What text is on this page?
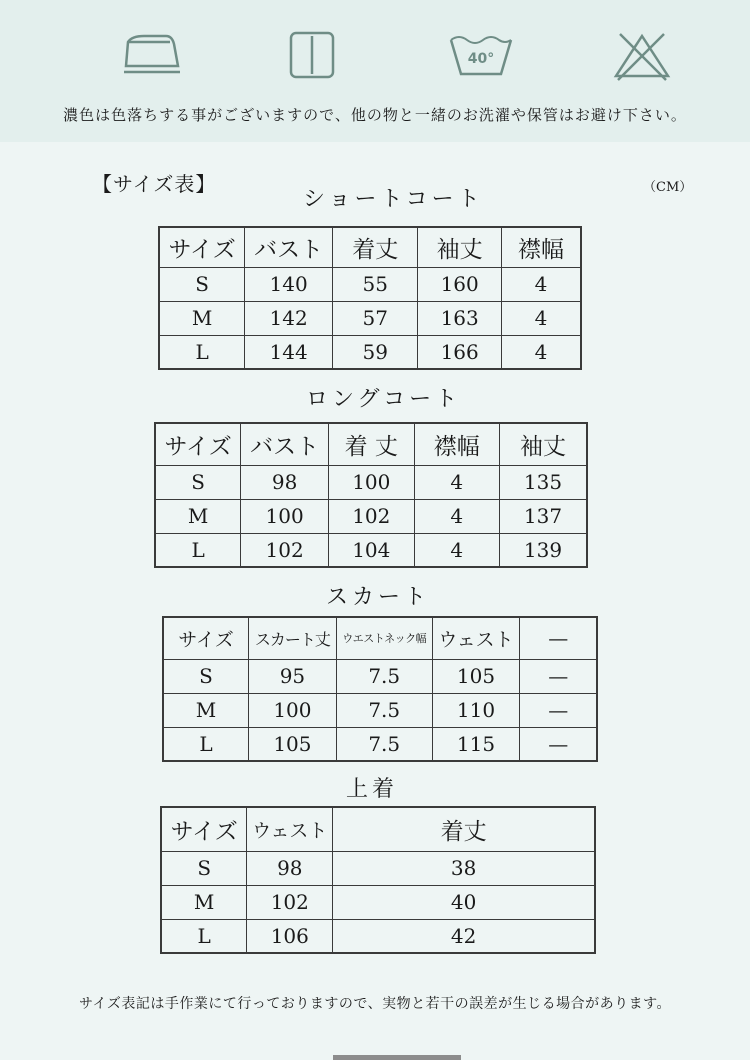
40°
濃色は色落ちする事がございますので、他の物と一緒のお洗濯や保管はお避け下さい。
【サイズ表】	（CM）
ショートコート
サイズ	バスト	着丈	袖丈	襟幅
S	140	55	160	4
M	142	57	163	4
L	144	59	166	4
ロングコート
サイズ	バスト	着 丈	襟幅	袖丈
S	98	100	4	135
M	100	102	4	137
L	102	104	4	139
スカート
サイズ	スカート丈	ウエストネック幅	ウェスト	—
S	95	7.5	105	—
M	100	7.5	110	—
L	105	7.5	115	—
上着
サイズ	ウェスト	着丈
S	98	38
M	102	40
L	106	42
サイズ表記は手作業にて行っておりますので、実物と若干の誤差が生じる場合があります。
